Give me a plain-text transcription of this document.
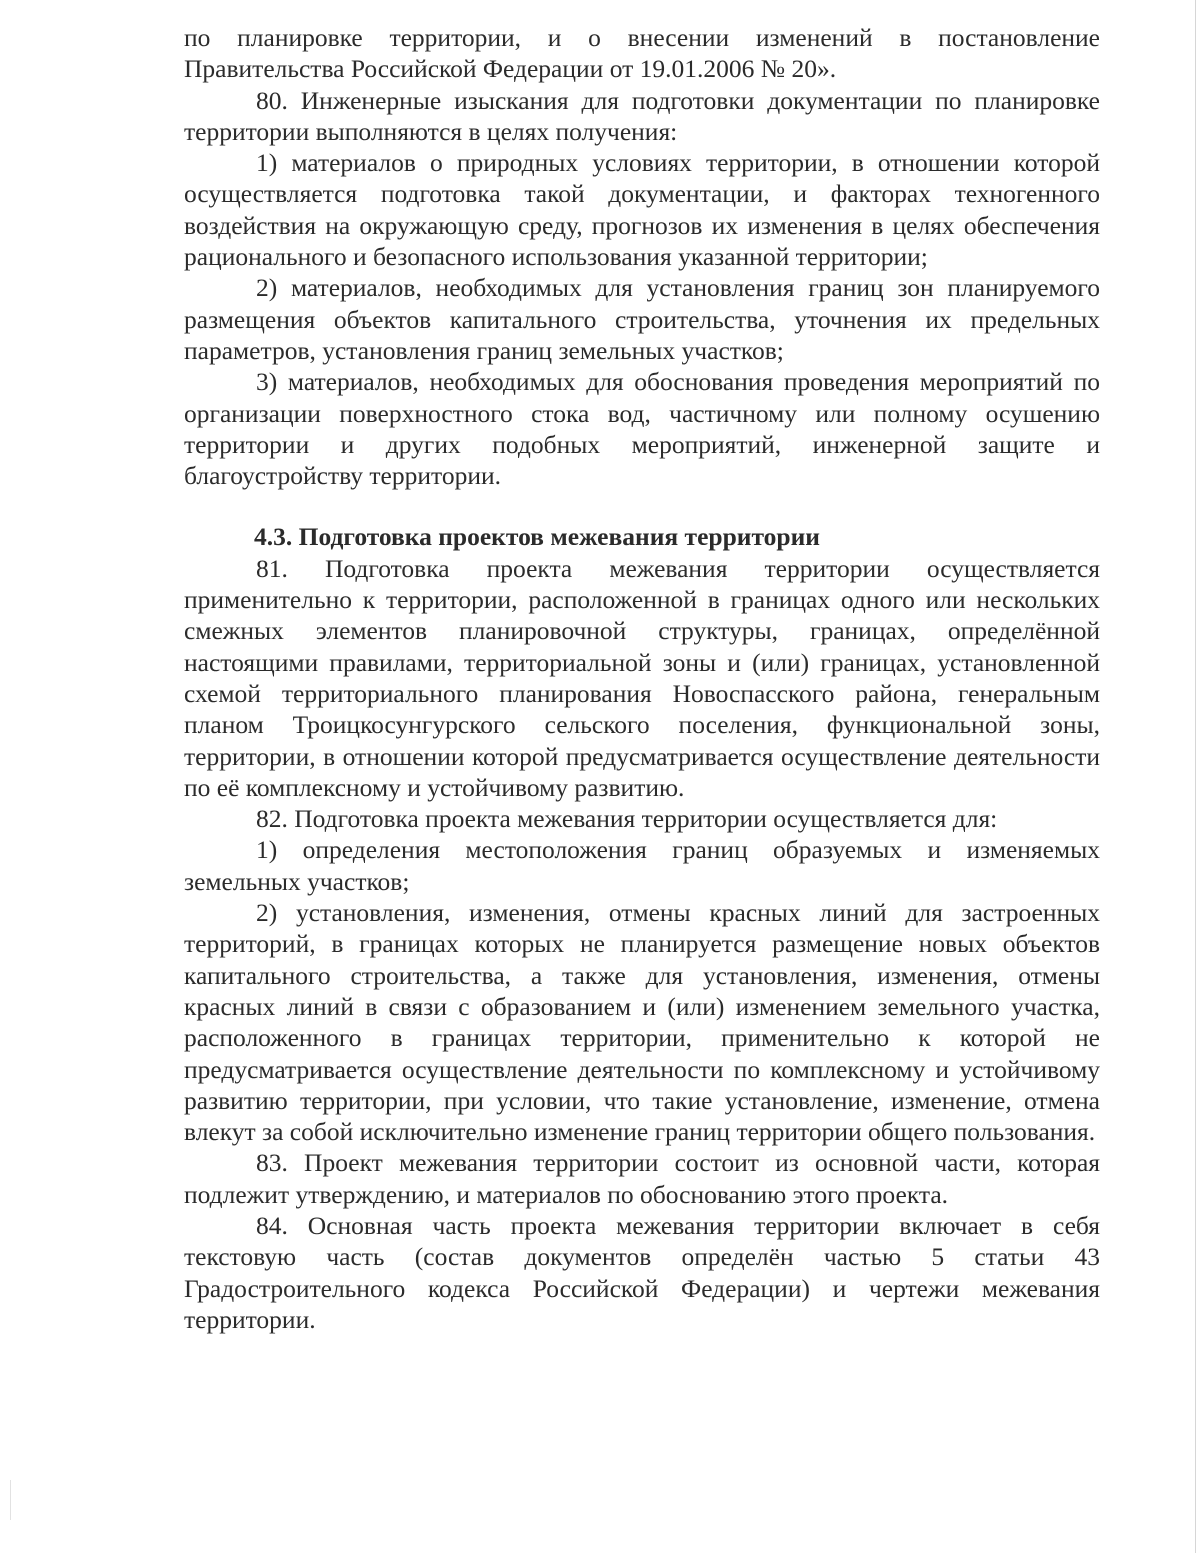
по планировке территории, и о внесении изменений в постановление Правительства Российской Федерации от 19.01.2006 № 20».

80. Инженерные изыскания для подготовки документации по планировке территории выполняются в целях получения:

1) материалов о природных условиях территории, в отношении которой осуществляется подготовка такой документации, и факторах техногенного воздействия на окружающую среду, прогнозов их изменения в целях обеспечения рационального и безопасного использования указанной территории;

2) материалов, необходимых для установления границ зон планируемого размещения объектов капитального строительства, уточнения их предельных параметров, установления границ земельных участков;

3) материалов, необходимых для обоснования проведения мероприятий по организации поверхностного стока вод, частичному или полному осушению территории и других подобных мероприятий, инженерной защите и благоустройству территории.

4.3. Подготовка проектов межевания территории

81. Подготовка проекта межевания территории осуществляется применительно к территории, расположенной в границах одного или нескольких смежных элементов планировочной структуры, границах, определённой настоящими правилами, территориальной зоны и (или) границах, установленной схемой территориального планирования Новоспасского района, генеральным планом Троицкосунгурского сельского поселения, функциональной зоны, территории, в отношении которой предусматривается осуществление деятельности по её комплексному и устойчивому развитию.

82. Подготовка проекта межевания территории осуществляется для:

1) определения местоположения границ образуемых и изменяемых земельных участков;

2) установления, изменения, отмены красных линий для застроенных территорий, в границах которых не планируется размещение новых объектов капитального строительства, а также для установления, изменения, отмены красных линий в связи с образованием и (или) изменением земельного участка, расположенного в границах территории, применительно к которой не предусматривается осуществление деятельности по комплексному и устойчивому развитию территории, при условии, что такие установление, изменение, отмена влекут за собой исключительно изменение границ территории общего пользования.

83. Проект межевания территории состоит из основной части, которая подлежит утверждению, и материалов по обоснованию этого проекта.

84. Основная часть проекта межевания территории включает в себя текстовую часть (состав документов определён частью 5 статьи 43 Градостроительного кодекса Российской Федерации) и чертежи межевания территории.
